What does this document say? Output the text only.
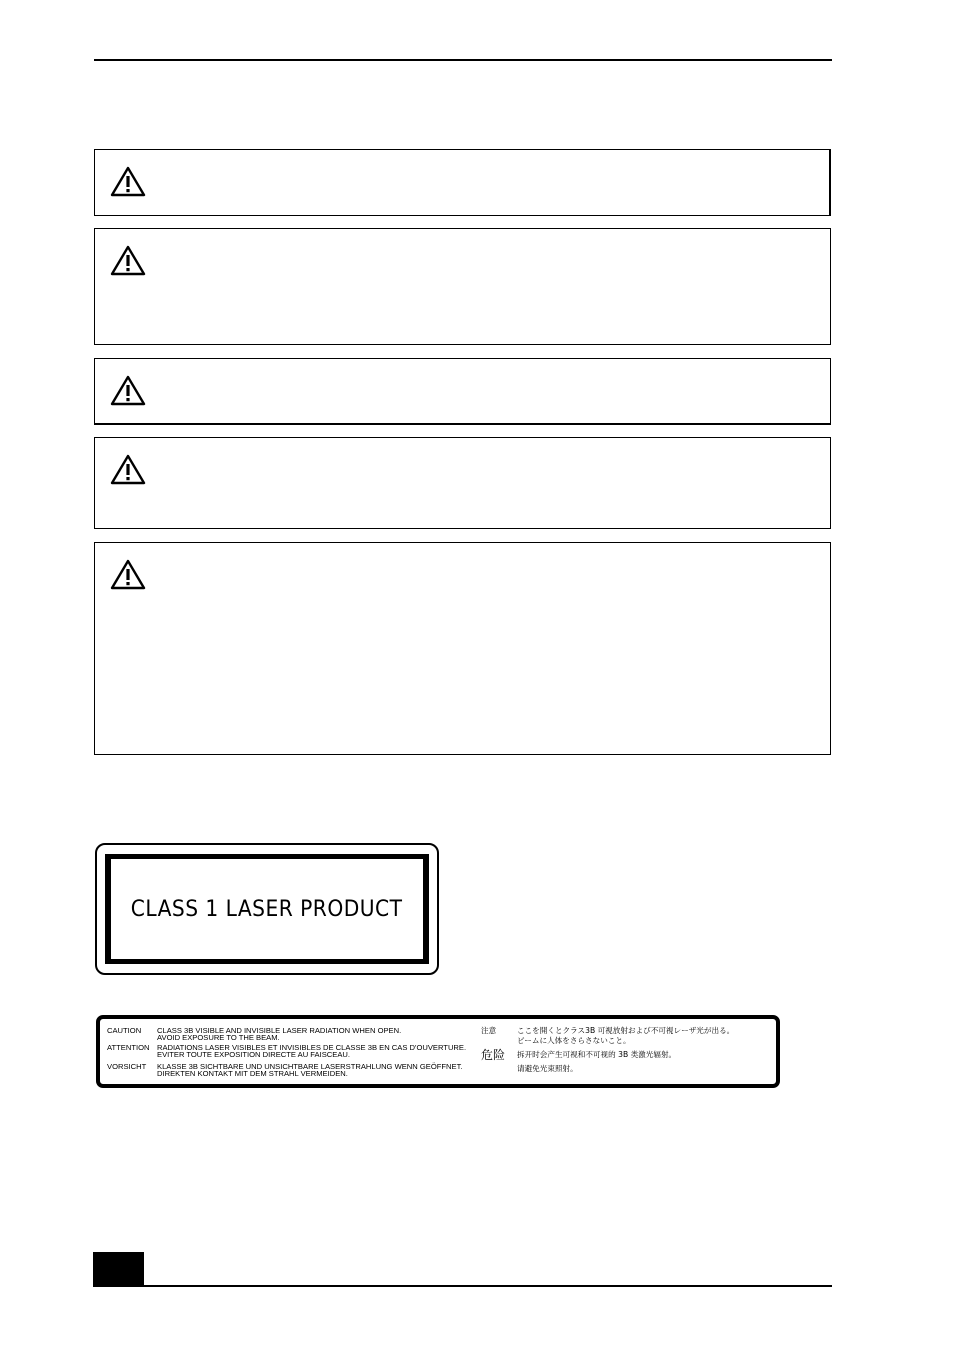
CLASS 1 LASER PRODUCT
CAUTION CLASS 3B VISIBLE AND INVISIBLE LASER RADIATION WHEN OPEN.
AVOID EXPOSURE TO THE BEAM.
ATTENTION RADIATIONS LASER VISIBLES ET INVISIBLES DE CLASSE 3B EN CAS D'OUVERTURE.
EVITER TOUTE EXPOSITION DIRECTE AU FAISCEAU.
VORSICHT KLASSE 3B SICHTBARE UND UNSICHTBARE LASERSTRAHLUNG WENN GEÖFFNET.
DIREKTEN KONTAKT MIT DEM STRAHL VERMEIDEN.
注意	ここを開くとクラス3B 可視放射および不可視レーザ光が出る。
ビームに人体をさらさないこと。
危险 拆开时会产生可视和不可视的 3B 类激光辐射。
请避免光束照射。
